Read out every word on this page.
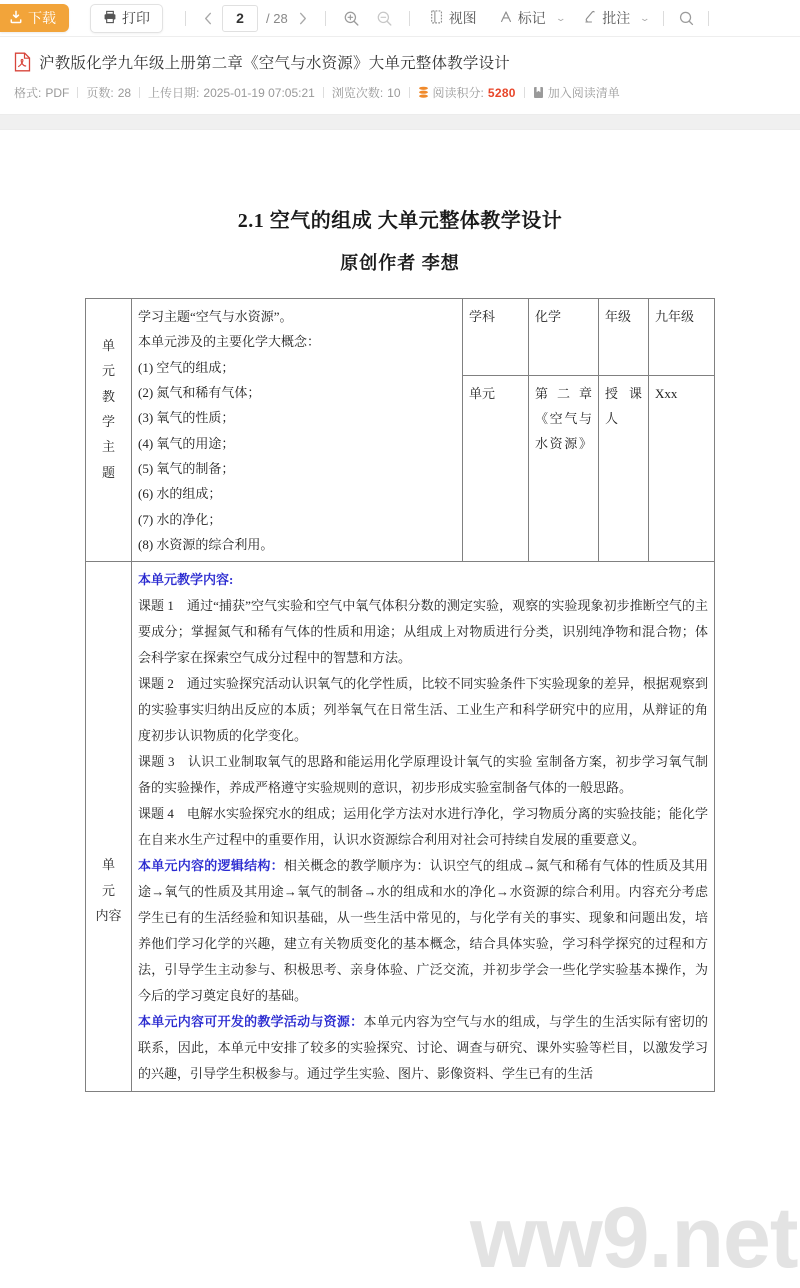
下载	打印	2 / 28	视图	标记 ⌄	批注 ⌄
沪教版化学九年级上册第二章《空气与水资源》大单元整体教学设计
格式: PDF 页数: 28 上传日期: 2025-01-19 07:05:21 浏览次数: 10	阅读积分: 5280	加入阅读清单
ww9.net
2.1 空气的组成 大单元整体教学设计
原创作者 李想
单 元
教 学
主 题

学习主题“空气与水资源”。
本单元涉及的主要化学大概念：
(1) 空气的组成；
(2) 氮气和稀有气体；
(3) 氧气的性质；
(4) 氧气的用途；
(5) 氧气的制备；
(6) 水的组成；
(7) 水的净化；
(8) 水资源的综合利用。
	学科	化学	年级	九年级
		单元	第 二 章《空气与水资源》	授 课 人	Xxx

单 元
内容	

本单元教学内容:

课题 1　通过“捕获”空气实验和空气中氧气体积分数的测定实验，观察的实验现象初步推断空气的主要成分；掌握氮气和稀有气体的性质和用途；从组成上对物质进行分类，识别纯净物和混合物；体会科学家在探索空气成分过程中的智慧和方法。

课题 2　通过实验探究活动认识氧气的化学性质，比较不同实验条件下实验现象的差异，根据观察到的实验事实归纳出反应的本质；列举氧气在日常生活、工业生产和科学研究中的应用，从辩证的角度初步认识物质的化学变化。

课题 3　认识工业制取氧气的思路和能运用化学原理设计氧气的实验 室制备方案，初步学习氧气制备的实验操作，养成严格遵守实验规则的意识，初步形成实验室制备气体的一般思路。

课题 4　电解水实验探究水的组成；运用化学方法对水进行净化，学习物质分离的实验技能；能化学在自来水生产过程中的重要作用，认识水资源综合利用对社会可持续自发展的重要意义。

本单元内容的逻辑结构：相关概念的教学顺序为：认识空气的组成→氮气和稀有气体的性质及其用途→氧气的性质及其用途→氧气的制备→水的组成和水的净化→水资源的综合利用。内容充分考虑学生已有的生活经验和知识基础，从一些生活中常见的，与化学有关的事实、现象和问题出发，培养他们学习化学的兴趣，建立有关物质变化的基本概念，结合具体实验，学习科学探究的过程和方法，引导学生主动参与、积极思考、亲身体验、广泛交流，并初步学会一些化学实验基本操作，为今后的学习奠定良好的基础。

本单元内容可开发的教学活动与资源：本单元内容为空气与水的组成，与学生的生活实际有密切的联系，因此，本单元中安排了较多的实验探究、讨论、调查与研究、课外实验等栏目，以激发学习的兴趣，引导学生积极参与。通过学生实验、图片、影像资料、学生已有的生活
